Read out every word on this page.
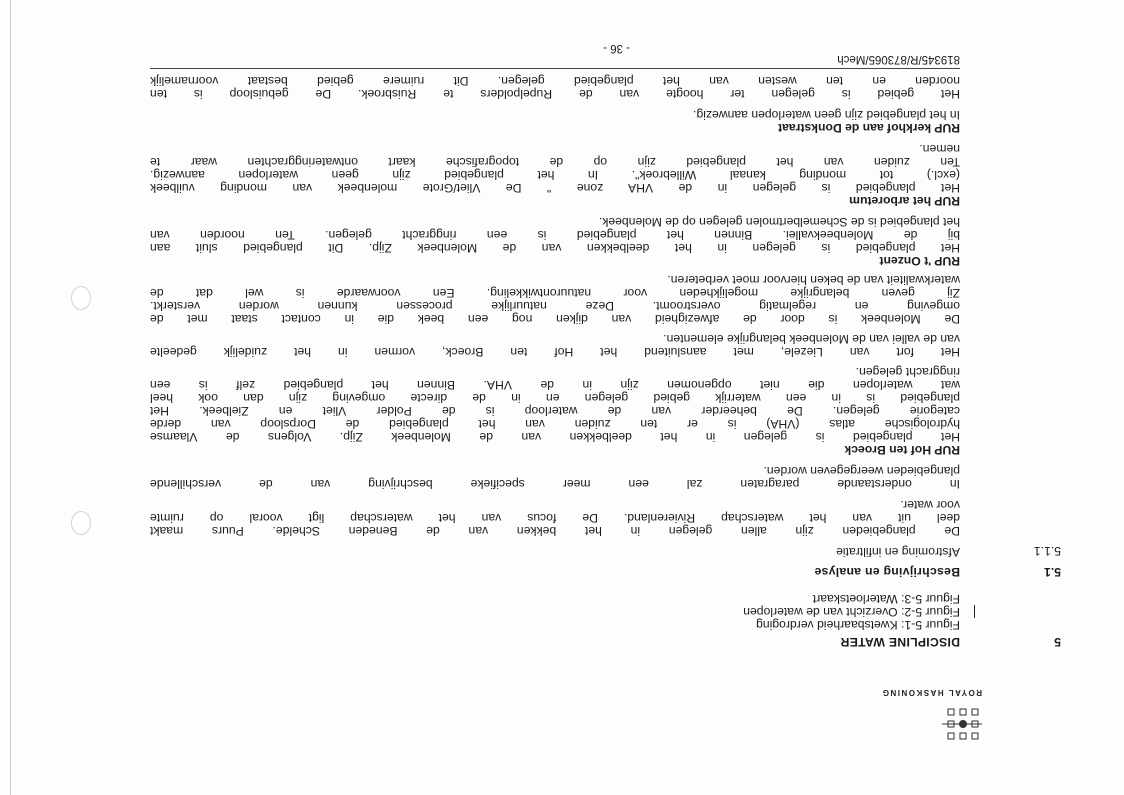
ROYAL HASKONING
5
DISCIPLINE WATER
Figuur 5-1: Kwetsbaarheid verdroging
Figuur 5-2: Overzicht van de waterlopen
Figuur 5-3: Waterloetskaart
5.1
Beschrijving en analyse
5.1.1
Afstroming en infiltratie
De plangebieden zijn allen gelegen in het bekken van de Beneden Schelde. Puurs maakt
deel uit van het waterschap Rivierenland. De focus van het waterschap ligt vooral op ruimte
voor water.
In onderstaande paragraten zal een meer specifieke beschrijving van de verschillende
plangebieden weergegeven worden.
RUP Hof ten Broeck
Het plangebied is gelegen in het deelbekken van de Molenbeek Zijp. Volgens de Vlaamse
hydrologische atlas (VHA) is er ten zuiden van het plangebied de Dorpsloop van derde
categorie gelegen. De beheerder van de waterloop is de Polder Vliet en Zielbeek. Het
plangebied is in een waterrijk gebied gelegen en in de directe omgeving zijn dan ook heel
wat waterlopen die niet opgenomen zijn in de VHA. Binnen het plangebied zelf is een
ringgracht gelegen.
Het fort van Liezele, met aansluitend het Hof ten Broeck, vormen in het zuidelijk gedeelte
van de vallei van de Molenbeek belangrijke elementen.
De Molenbeek is door de afwezigheid van dijken nog een beek die in contact staat met de
omgeving en regelmatig overstroomt. Deze natuurlijke processen kunnen worden versterkt.
Zij geven belangrijke mogelijkheden voor natuurontwikkeling. Een voorwaarde is wel dat de
waterkwaliteit van de beken hiervoor moet verbeteren.
RUP 't Onzent
Het plangebied is gelegen in het deelbekken van de Molenbeek Zijp. Dit plangebied sluit aan
bij de Molenbeekvallei. Binnen het plangebied is een ringgracht gelegen. Ten noorden van
het plangebied is de Schemelbertmolen gelegen op de Molenbeek.
RUP het arboretum
Het plangebied is gelegen in de VHA zone " De Vliet/Grote molenbeek van monding vuilbeek
(excl.) tot monding kanaal Willebroek". In het plangebied zijn geen waterlopen aanwezig.
Ten zuiden van het plangebied zijn op de topografische kaart ontwateringgrachten waar te
nemen.
RUP kerkhof aan de Donkstraat
In het plangebied zijn geen waterlopen aanwezig.
Het gebied is gelegen ter hoogte van de Rupelpolders te Ruisbroek. De gebuisloop is ten
noorden en ten westen van het plangebied gelegen. Dit ruimere gebied bestaat voornamelijk
819345/R/873065/Mech
- 36 -
